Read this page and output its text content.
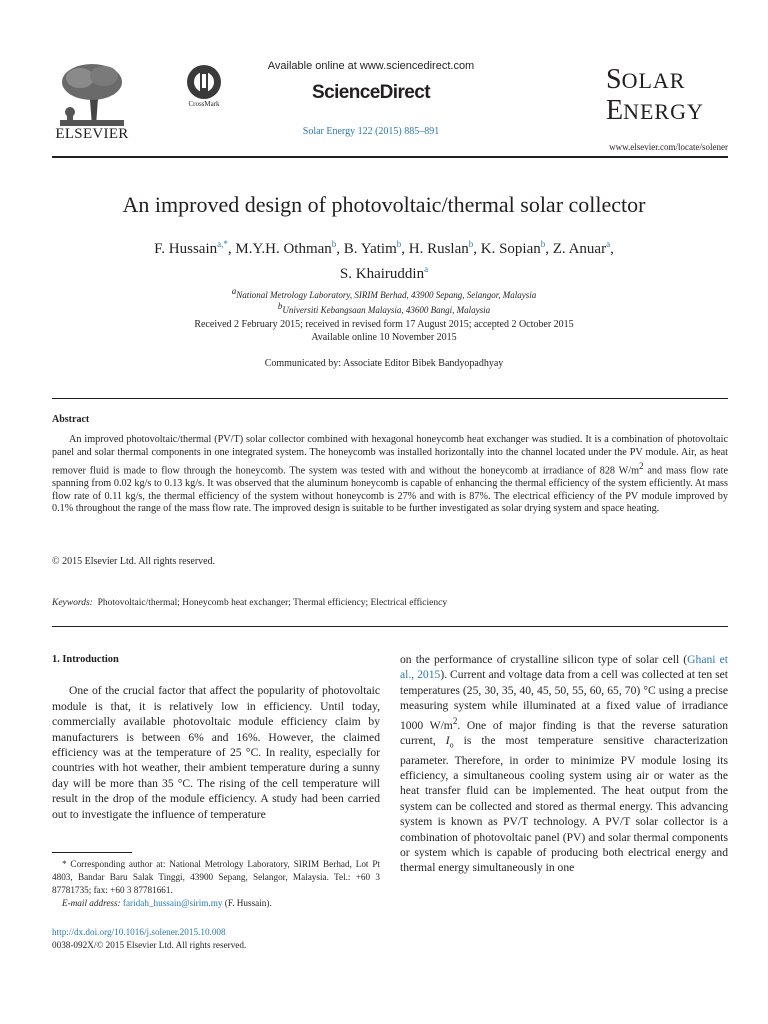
ELSEVIER
Available online at www.sciencedirect.com
CrossMark
ScienceDirect
Solar Energy 122 (2015) 885–891
SOLAR
ENERGY
www.elsevier.com/locate/solener
An improved design of photovoltaic/thermal solar collector
F. Hussain$^{a,*}$, M.Y.H. Othman$^b$, B. Yatim$^b$, H. Ruslan$^b$, K. Sopian$^b$, Z. Anuar$^a$,
S. Khairuddin$^a$
$^a$National Metrology Laboratory, SIRIM Berhad, 43900 Sepang, Selangor, Malaysia
$^b$Universiti Kebangsaan Malaysia, 43600 Bangi, Malaysia
Received 2 February 2015; received in revised form 17 August 2015; accepted 2 October 2015
Available online 10 November 2015
Communicated by: Associate Editor Bibek Bandyopadhyay
Abstract

An improved photovoltaic/thermal (PV/T) solar collector combined with hexagonal honeycomb heat exchanger was studied. It is a combination of photovoltaic panel and solar thermal components in one integrated system. The honeycomb was installed horizontally into the channel located under the PV module. Air, as heat remover fluid is made to flow through the honeycomb. The system was tested with and without the honeycomb at irradiance of 828 $W/m^2$ and mass flow rate spanning from 0.02 kg/s to 0.13 kg/s. It was observed that the aluminum honeycomb is capable of enhancing the thermal efficiency of the system efficiently. At mass flow rate of 0.11 kg/s, the thermal efficiency of the system without honeycomb is 27% and with is 87%. The electrical efficiency of the PV module improved by 0.1% throughout the range of the mass flow rate. The improved design is suitable to be further investigated as solar drying system and space heating.

© 2015 Elsevier Ltd. All rights reserved.
Keywords: Photovoltaic/thermal; Honeycomb heat exchanger; Thermal efficiency; Electrical efficiency
1. Introduction

One of the crucial factor that affect the popularity of photovoltaic module is that, it is relatively low in efficiency. Until today, commercially available photovoltaic module efficiency claim by manufacturers is between 6% and 16%. However, the claimed efficiency was at the temperature of 25 °C. In reality, especially for countries with hot weather, their ambient temperature during a sunny day will be more than 35 °C. The rising of the cell temperature will result in the drop of the module efficiency. A study had been carried out to investigate the influence of temperature

on the performance of crystalline silicon type of solar cell (Ghani et al., 2015). Current and voltage data from a cell was collected at ten set temperatures (25, 30, 35, 40, 45, 50, 55, 60, 65, 70) °C using a precise measuring system while illuminated at a fixed value of irradiance 1000 $W/m^2$. One of major finding is that the reverse saturation current, $I_o$ is the most temperature sensitive characterization parameter. Therefore, in order to minimize PV module losing its efficiency, a simultaneous cooling system using air or water as the heat transfer fluid can be implemented. The heat output from the system can be collected and stored as thermal energy. This advancing system is known as PV/T technology. A PV/T solar collector is a combination of photovoltaic panel (PV) and solar thermal components or system which is capable of producing both electrical energy and thermal energy simultaneously in one

* Corresponding author at: National Metrology Laboratory, SIRIM Berhad, Lot Pt 4803, Bandar Baru Salak Tinggi, 43900 Sepang, Selangor, Malaysia. Tel.: +60 3 87781735; fax: +60 3 87781661.

E-mail address: faridah_hussain@sirim.my (F. Hussain).

http://dx.doi.org/10.1016/j.solener.2015.10.008
0038-092X/© 2015 Elsevier Ltd. All rights reserved.
